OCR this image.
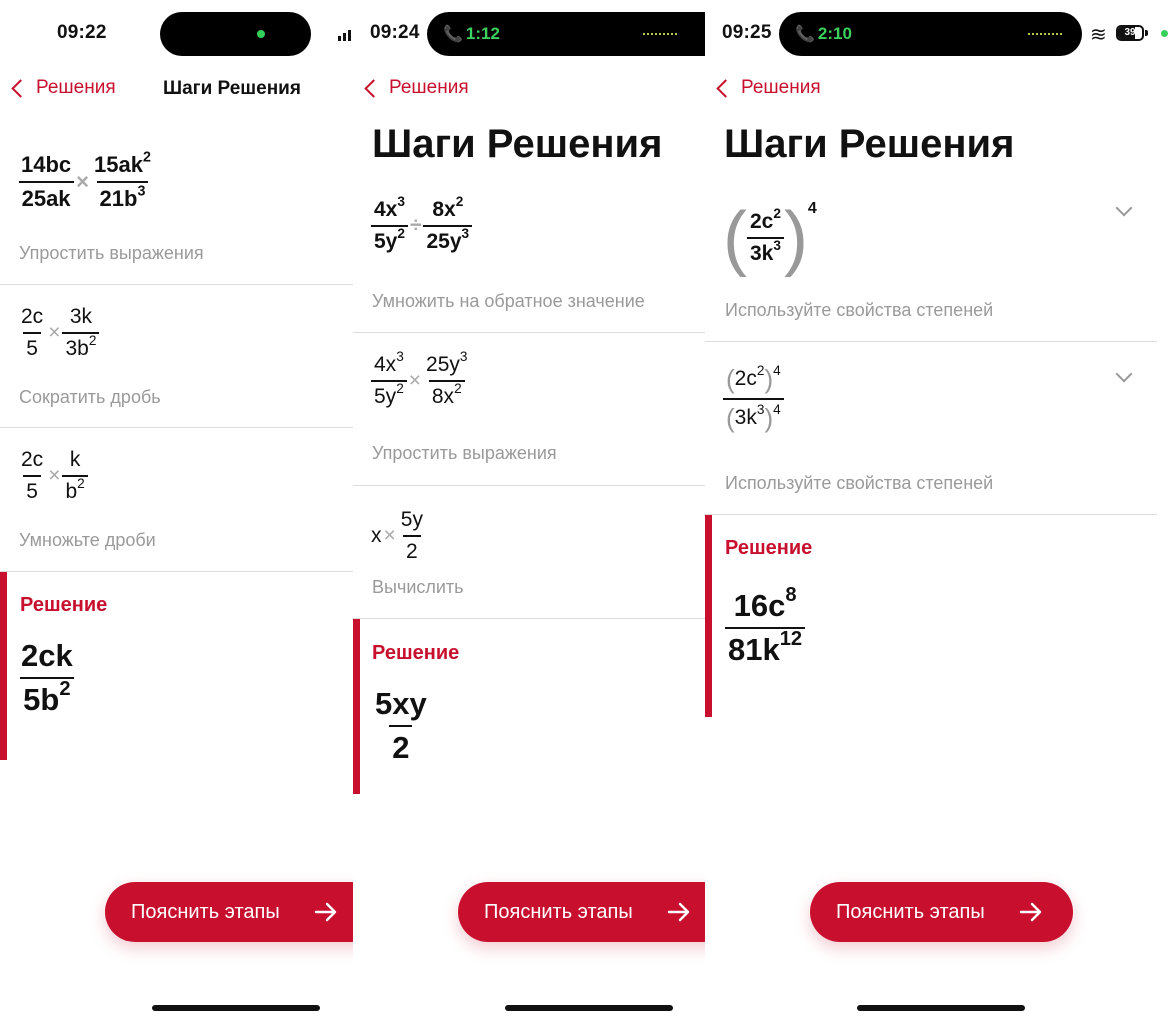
09:22
Решения Шаги Решения
$\frac{14bc}{25ak} \times \frac{15ak^2}{21b^3}$
Упростить выражения
$\frac{2c}{5} \times \frac{3k}{3b^2}$
Сократить дробь
$\frac{2c}{5} \times \frac{k}{b^2}$
Умножьте дроби
Решение
$\frac{2ck}{5b^2}$
Пояснить этапы
09:24 📞 1:12
Решения
Шаги Решения
$\frac{4x^3}{5y^2} \div \frac{8x^2}{25y^3}$
Умножить на обратное значение
$\frac{4x^3}{5y^2} \times \frac{25y^3}{8x^2}$
Упростить выражения
$x\times \frac{5y}{2}$
Вычислить
Решение
$\frac{5xy}{2}$
Пояснить этапы
09:25 📞 2:10	≋	39
Решения
Шаги Решения
( $\frac{2c^2}{3k^3} )4$
Используйте свойства степеней
$\frac{(2c^2)^4}{(3k^3)^4}$
Используйте свойства степеней
Решение
$\frac{16c^8}{81k^{12}}$
Пояснить этапы
